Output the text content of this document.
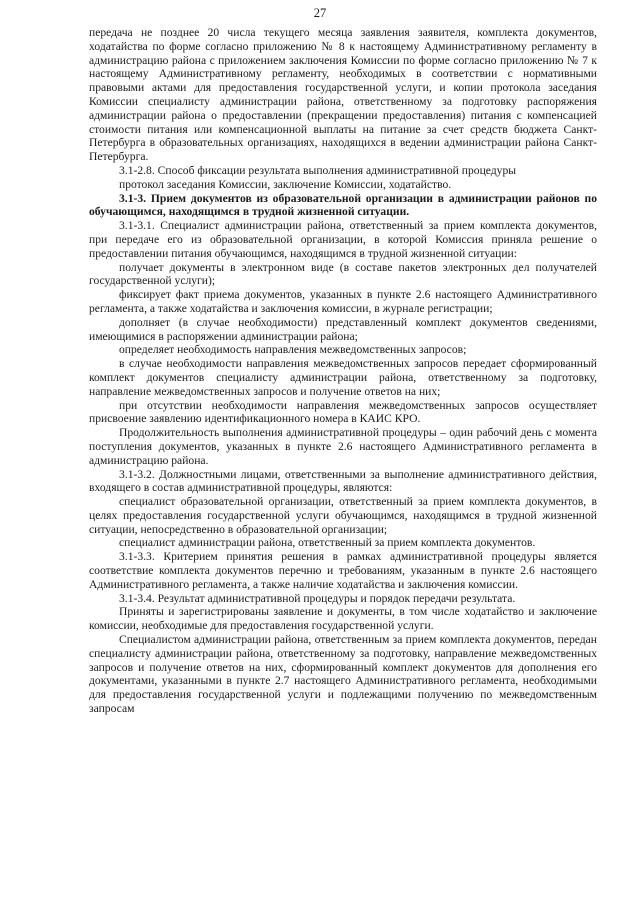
27

передача не позднее 20 числа текущего месяца заявления заявителя, комплекта документов, ходатайства по форме согласно приложению № 8 к настоящему Административному регламенту в администрацию района с приложением заключения Комиссии по форме согласно приложению № 7 к настоящему Административному регламенту, необходимых в соответствии с нормативными правовыми актами для предоставления государственной услуги, и копии протокола заседания Комиссии специалисту администрации района, ответственному за подготовку распоряжения администрации района о предоставлении (прекращении предоставления) питания с компенсацией стоимости питания или компенсационной выплаты на питание за счет средств бюджета Санкт-Петербурга в образовательных организациях, находящихся в ведении администрации района Санкт-Петербурга.

3.1-2.8. Способ фиксации результата выполнения административной процедуры

протокол заседания Комиссии, заключение Комиссии, ходатайство.

3.1-3. Прием документов из образовательной организации в администрации районов по обучающимся, находящимся в трудной жизненной ситуации.

3.1-3.1. Специалист администрации района, ответственный за прием комплекта документов, при передаче его из образовательной организации, в которой Комиссия приняла решение о предоставлении питания обучающимся, находящимся в трудной жизненной ситуации:

получает документы в электронном виде (в составе пакетов электронных дел получателей государственной услуги);

фиксирует факт приема документов, указанных в пункте 2.6 настоящего Административного регламента, а также ходатайства и заключения комиссии, в журнале регистрации;

дополняет (в случае необходимости) представленный комплект документов сведениями, имеющимися в распоряжении администрации района;

определяет необходимость направления межведомственных запросов;

в случае необходимости направления межведомственных запросов передает сформированный комплект документов специалисту администрации района, ответственному за подготовку, направление межведомственных запросов и получение ответов на них;

при отсутствии необходимости направления межведомственных запросов осуществляет присвоение заявлению идентификационного номера в КАИС КРО.

Продолжительность выполнения административной процедуры – один рабочий день с момента поступления документов, указанных в пункте 2.6 настоящего Административного регламента в администрацию района.

3.1-3.2. Должностными лицами, ответственными за выполнение административного действия, входящего в состав административной процедуры, являются:

специалист образовательной организации, ответственный за прием комплекта документов, в целях предоставления государственной услуги обучающимся, находящимся в трудной жизненной ситуации, непосредственно в образовательной организации;

специалист администрации района, ответственный за прием комплекта документов.

3.1-3.3. Критерием принятия решения в рамках административной процедуры является соответствие комплекта документов перечню и требованиям, указанным в пункте 2.6 настоящего Административного регламента, а также наличие ходатайства и заключения комиссии.

3.1-3.4. Результат административной процедуры и порядок передачи результата.

Приняты и зарегистрированы заявление и документы, в том числе ходатайство и заключение комиссии, необходимые для предоставления государственной услуги.

Специалистом администрации района, ответственным за прием комплекта документов, передан специалисту администрации района, ответственному за подготовку, направление межведомственных запросов и получение ответов на них, сформированный комплект документов для дополнения его документами, указанными в пункте 2.7 настоящего Административного регламента, необходимыми для предоставления государственной услуги и подлежащими получению по межведомственным запросам
